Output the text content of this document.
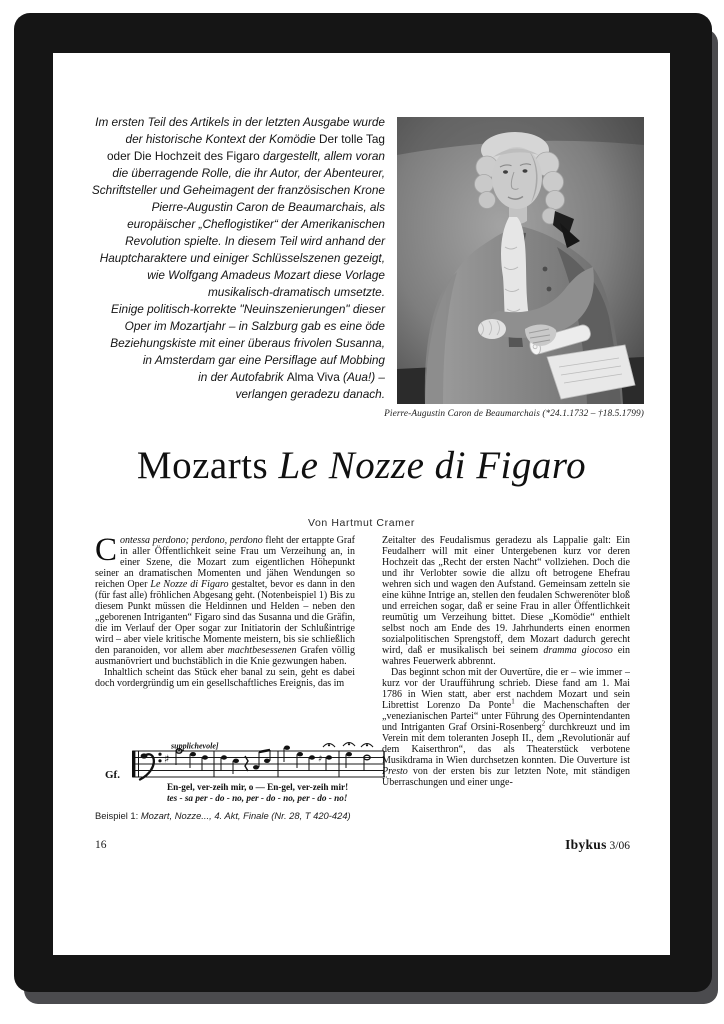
Im ersten Teil des Artikels in der letzten Ausgabe wurde
der historische Kontext der Komödie Der tolle Tag
oder Die Hochzeit des Figaro dargestellt, allem voran
die überragende Rolle, die ihr Autor, der Abenteurer,
Schriftsteller und Geheimagent der französischen Krone
Pierre-Augustin Caron de Beaumarchais, als
europäischer „Cheflogistiker“ der Amerikanischen
Revolution spielte. In diesem Teil wird anhand der
Hauptcharaktere und einiger Schlüsselszenen gezeigt,
wie Wolfgang Amadeus Mozart diese Vorlage
musikalisch-dramatisch umsetzte.
Einige politisch-korrekte "Neuinszenierungen" dieser
Oper im Mozartjahr – in Salzburg gab es eine öde
Beziehungskiste mit einer überaus frivolen Susanna,
in Amsterdam gar eine Persiflage auf Mobbing
in der Autofabrik Alma Viva (Aua!) –
verlangen geradezu danach.
Pierre-Augustin Caron de Beaumarchais (*24.1.1732 – †18.5.1799)
Mozarts Le Nozze di Figaro
Von Hartmut Cramer

Contessa perdono; perdono, perdono fleht der ertappte Graf in aller Öffentlichkeit seine Frau um Verzeihung an, in einer Szene, die Mozart zum eigentlichen Höhepunkt seiner an dramatischen Momenten und jähen Wendungen so reichen Oper Le Nozze di Figaro gestaltet, bevor es dann in den (für fast alle) fröhlichen Abgesang geht. (Notenbeispiel 1) Bis zu diesem Punkt müssen die Heldinnen und Helden – neben den „geborenen Intriganten“ Figaro sind das Susanna und die Gräfin, die im Verlauf der Oper sogar zur Initiatorin der Schlußintrige wird – aber viele kritische Momente meistern, bis sie schließlich den paranoiden, vor allem aber machtbesessenen Grafen völlig ausmanövriert und buchstäblich in die Knie gezwungen haben.

Inhaltlich scheint das Stück eher banal zu sein, geht es dabei doch vordergründig um ein gesellschaftliches Ereignis, das im

Zeitalter des Feudalismus geradezu als Lappalie galt: Ein Feudalherr will mit einer Untergebenen kurz vor deren Hochzeit das „Recht der ersten Nacht“ vollziehen. Doch die und ihr Verlobter sowie die allzu oft betrogene Ehefrau wehren sich und wagen den Aufstand. Gemeinsam zetteln sie eine kühne Intrige an, stellen den feudalen Schwerenöter bloß und erreichen sogar, daß er seine Frau in aller Öffentlichkeit reumütig um Verzeihung bittet. Diese „Komödie“ enthielt selbst noch am Ende des 19. Jahrhunderts einen enormen sozialpolitischen Sprengstoff, dem Mozart dadurch gerecht wird, daß er musikalisch bei seinem dramma giocoso ein wahres Feuerwerk abbrennt.

Das beginnt schon mit der Ouvertüre, die er – wie immer – kurz vor der Uraufführung schrieb. Diese fand am 1. Mai 1786 in Wien statt, aber erst nachdem Mozart und sein Librettist Lorenzo Da Ponte$^1$ die Machenschaften der „venezianischen Partei“ unter Führung des Opernintendanten und Intriganten Graf Orsini-Rosenberg$^2$ durchkreuzt und im Verein mit dem toleranten Joseph II., dem „Revolutionär auf dem Kaiserthron“, das als Theaterstück verbotene Musikdrama in Wien durchsetzen konnten. Die Ouverture ist Presto von der ersten bis zur letzten Note, mit ständigen Überraschungen und einer unge-

Gf.
supplichevole]
♯	♯
En-gel, ver-zeih mir, o — En-gel, ver-zeih mir!
tes - sa per - do - no, per - do - no, per - do - no!
Beispiel 1: Mozart, Nozze..., 4. Akt, Finale (Nr. 28, T 420-424)
16	Ibykus 3/06
